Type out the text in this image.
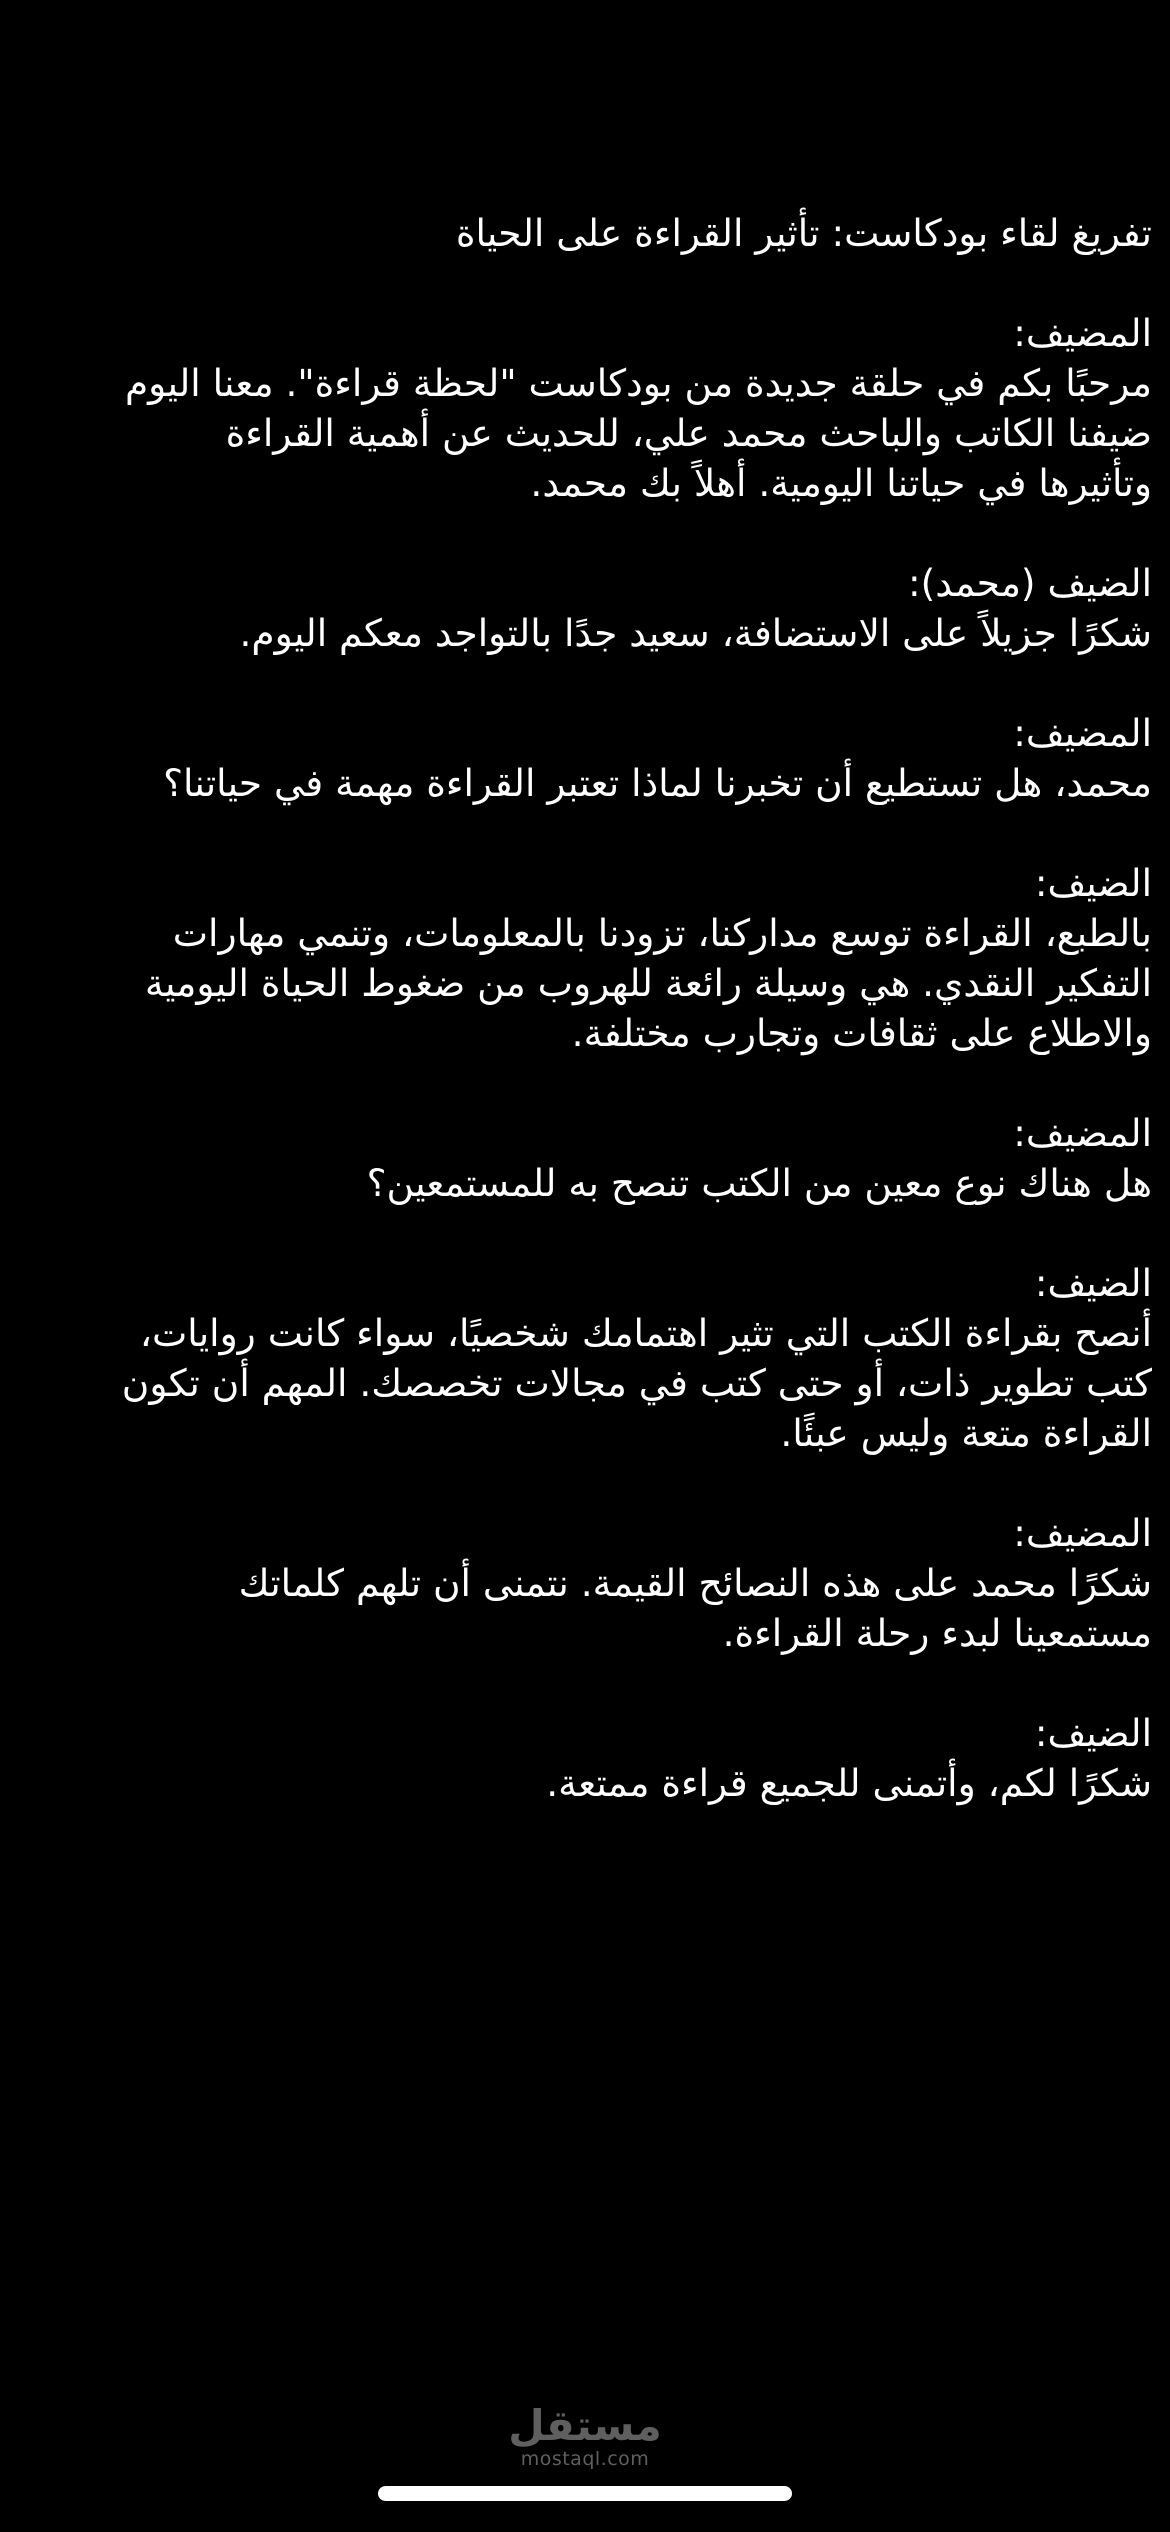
تفريغ لقاء بودكاست: تأثير القراءة على الحياة
المضيف:
مرحبًا بكم في حلقة جديدة من بودكاست "لحظة قراءة". معنا اليوم
ضيفنا الكاتب والباحث محمد علي، للحديث عن أهمية القراءة
وتأثيرها في حياتنا اليومية. أهلاً بك محمد.
الضيف (محمد):
شكرًا جزيلاً على الاستضافة، سعيد جدًا بالتواجد معكم اليوم.
المضيف:
محمد، هل تستطيع أن تخبرنا لماذا تعتبر القراءة مهمة في حياتنا؟
الضيف:
بالطبع، القراءة توسع مداركنا، تزودنا بالمعلومات، وتنمي مهارات
التفكير النقدي. هي وسيلة رائعة للهروب من ضغوط الحياة اليومية
والاطلاع على ثقافات وتجارب مختلفة.
المضيف:
هل هناك نوع معين من الكتب تنصح به للمستمعين؟
الضيف:
أنصح بقراءة الكتب التي تثير اهتمامك شخصيًا، سواء كانت روايات،
كتب تطوير ذات، أو حتى كتب في مجالات تخصصك. المهم أن تكون
القراءة متعة وليس عبئًا.
المضيف:
شكرًا محمد على هذه النصائح القيمة. نتمنى أن تلهم كلماتك
مستمعينا لبدء رحلة القراءة.
الضيف:
شكرًا لكم، وأتمنى للجميع قراءة ممتعة.
مستقل
mostaql.com
